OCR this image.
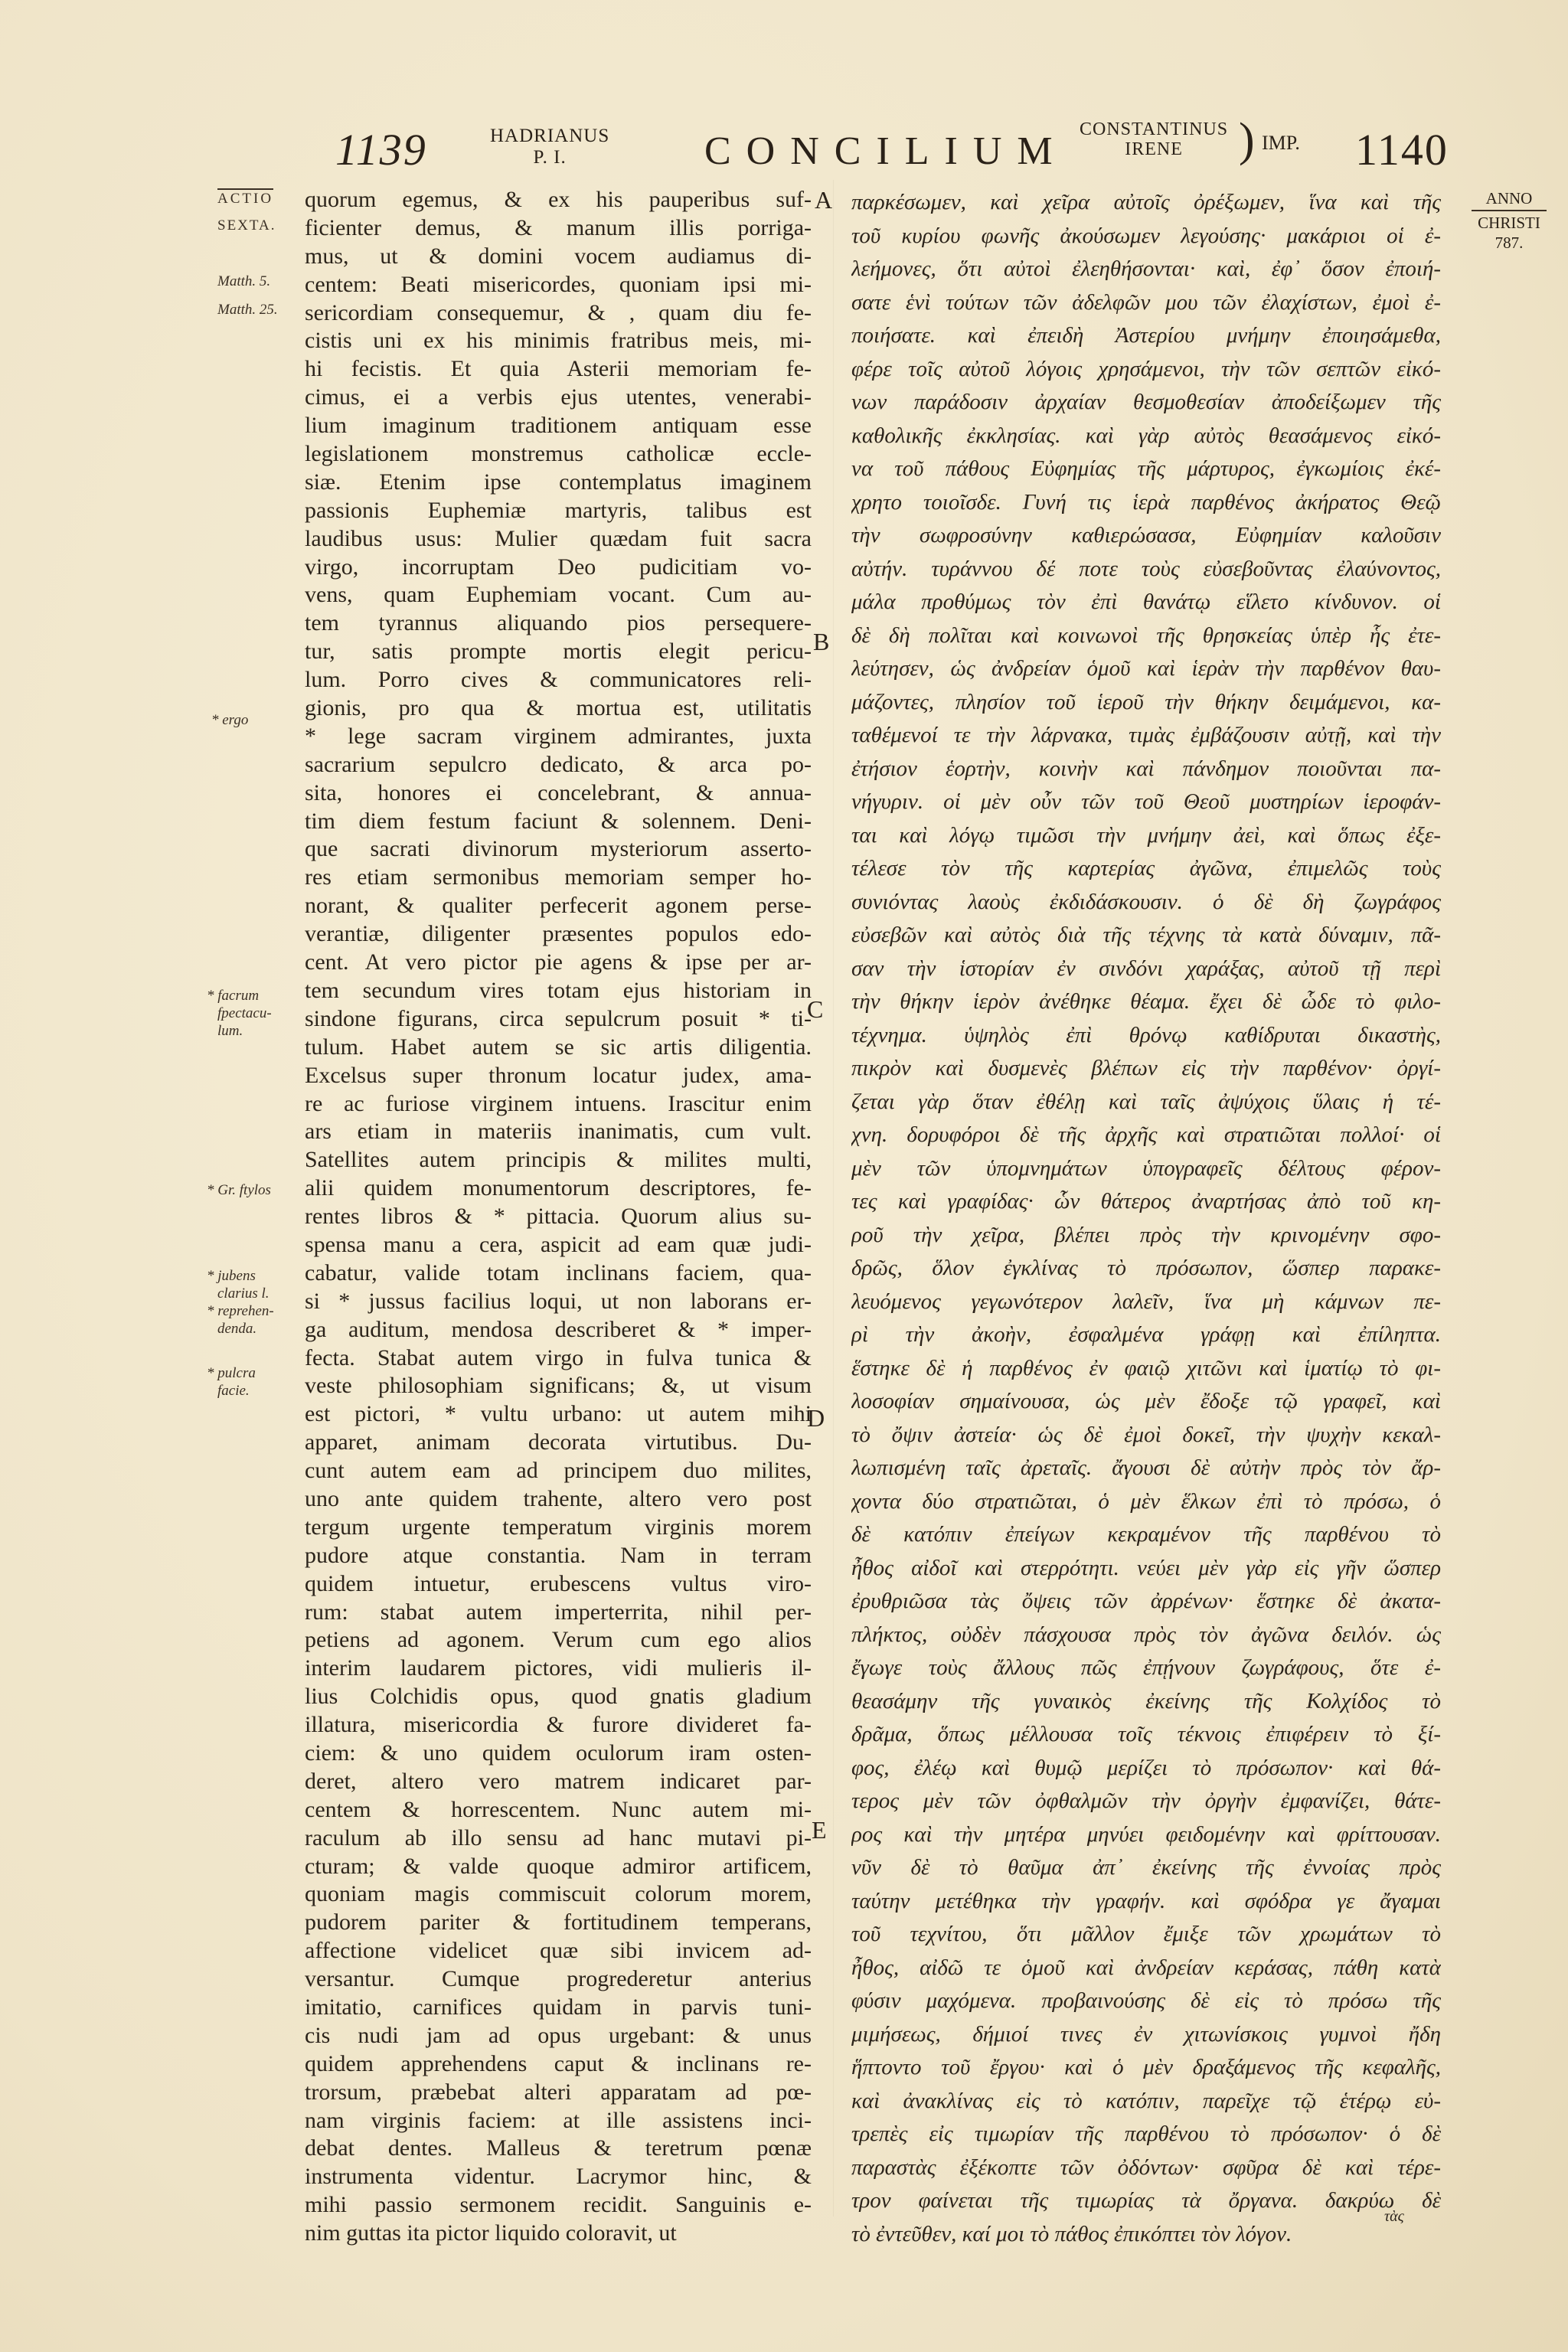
1139	HADRIANUS
P. I.	CONCILIUM CONSTANTINUS
IRENE	) IMP. 1140
ANNO
CHRISTI
787.
ACTIO
SEXTA.
Matth. 5.
Matth. 25.
* ergo
* facrum
fpectacu-
lum.
* Gr. ftylos
* jubens
clarius l.
* reprehen-
denda.
* pulcra
facie.
A
B
C
D
E
quorum egemus, & ex his pauperibus suf-
ficienter demus, & manum illis porriga-
mus, ut & domini vocem audiamus di-
centem: Beati misericordes, quoniam ipsi mi-
sericordiam consequemur, & , quam diu fe-
cistis uni ex his minimis fratribus meis, mi-
hi fecistis. Et quia Asterii memoriam fe-
cimus, ei a verbis ejus utentes, venerabi-
lium imaginum traditionem antiquam esse
legislationem monstremus catholicæ eccle-
siæ. Etenim ipse contemplatus imaginem
passionis Euphemiæ martyris, talibus est
laudibus usus: Mulier quædam fuit sacra
virgo, incorruptam Deo pudicitiam vo-
vens, quam Euphemiam vocant. Cum au-
tem tyrannus aliquando pios persequere-
tur, satis prompte mortis elegit pericu-
lum. Porro cives & communicatores reli-
gionis, pro qua & mortua est, utilitatis
* lege sacram virginem admirantes, juxta
sacrarium sepulcro dedicato, & arca po-
sita, honores ei concelebrant, & annua-
tim diem festum faciunt & solennem. Deni-
que sacrati divinorum mysteriorum asserto-
res etiam sermonibus memoriam semper ho-
norant, & qualiter perfecerit agonem perse-
verantiæ, diligenter præsentes populos edo-
cent. At vero pictor pie agens & ipse per ar-
tem secundum vires totam ejus historiam in
sindone figurans, circa sepulcrum posuit * ti-
tulum. Habet autem se sic artis diligentia.
Excelsus super thronum locatur judex, ama-
re ac furiose virginem intuens. Irascitur enim
ars etiam in materiis inanimatis, cum vult.
Satellites autem principis & milites multi,
alii quidem monumentorum descriptores, fe-
rentes libros & * pittacia. Quorum alius su-
spensa manu a cera, aspicit ad eam quæ judi-
cabatur, valide totam inclinans faciem, qua-
si * jussus facilius loqui, ut non laborans er-
ga auditum, mendosa describeret & * imper-
fecta. Stabat autem virgo in fulva tunica &
veste philosophiam significans; &, ut visum
est pictori, * vultu urbano: ut autem mihi
apparet, animam decorata virtutibus. Du-
cunt autem eam ad principem duo milites,
uno ante quidem trahente, altero vero post
tergum urgente temperatum virginis morem
pudore atque constantia. Nam in terram
quidem intuetur, erubescens vultus viro-
rum: stabat autem imperterrita, nihil per-
petiens ad agonem. Verum cum ego alios
interim laudarem pictores, vidi mulieris il-
lius Colchidis opus, quod gnatis gladium
illatura, misericordia & furore divideret fa-
ciem: & uno quidem oculorum iram osten-
deret, altero vero matrem indicaret par-
centem & horrescentem. Nunc autem mi-
raculum ab illo sensu ad hanc mutavi pi-
cturam; & valde quoque admiror artificem,
quoniam magis commiscuit colorum morem,
pudorem pariter & fortitudinem temperans,
affectione videlicet quæ sibi invicem ad-
versantur. Cumque progrederetur anterius
imitatio, carnifices quidam in parvis tuni-
cis nudi jam ad opus urgebant: & unus
quidem apprehendens caput & inclinans re-
trorsum, præbebat alteri apparatam ad pœ-
nam virginis faciem: at ille assistens inci-
debat dentes. Malleus & teretrum pœnæ
instrumenta videntur. Lacrymor hinc, &
mihi passio sermonem recidit. Sanguinis e-
nim guttas ita pictor liquido coloravit, ut
παρκέσωμεν, καὶ χεῖρα αὐτοῖς ὀρέξωμεν, ἵνα καὶ τῆς
τοῦ κυρίου φωνῆς ἀκούσωμεν λεγούσης· μακάριοι οἱ ἐ-
λεήμονες, ὅτι αὐτοὶ ἐλεηθήσονται· καὶ, ἐφ᾽ ὅσον ἐποιή-
σατε ἑνὶ τούτων τῶν ἀδελφῶν μου τῶν ἐλαχίστων, ἐμοὶ ἐ-
ποιήσατε. καὶ ἐπειδὴ Ἀστερίου μνήμην ἐποιησάμεθα,
φέρε τοῖς αὐτοῦ λόγοις χρησάμενοι, τὴν τῶν σεπτῶν εἰκό-
νων παράδοσιν ἀρχαίαν θεσμοθεσίαν ἀποδείξωμεν τῆς
καθολικῆς ἐκκλησίας. καὶ γὰρ αὐτὸς θεασάμενος εἰκό-
να τοῦ πάθους Εὐφημίας τῆς μάρτυρος, ἐγκωμίοις ἐκέ-
χρητο τοιοῖσδε. Γυνή τις ἱερὰ παρθένος ἀκήρατος Θεῷ
τὴν σωφροσύνην καθιερώσασα, Εὐφημίαν καλοῦσιν
αὐτήν. τυράννου δέ ποτε τοὺς εὐσεβοῦντας ἐλαύνοντος,
μάλα προθύμως τὸν ἐπὶ θανάτῳ εἵλετο κίνδυνον. οἱ
δὲ δὴ πολῖται καὶ κοινωνοὶ τῆς θρησκείας ὑπὲρ ἧς ἐτε-
λεύτησεν, ὡς ἀνδρείαν ὁμοῦ καὶ ἱερὰν τὴν παρθένον θαυ-
μάζοντες, πλησίον τοῦ ἱεροῦ τὴν θήκην δειμάμενοι, κα-
ταθέμενοί τε τὴν λάρνακα, τιμὰς ἐμβάζουσιν αὐτῇ, καὶ τὴν
ἐτήσιον ἑορτὴν, κοινὴν καὶ πάνδημον ποιοῦνται πα-
νήγυριν. οἱ μὲν οὖν τῶν τοῦ Θεοῦ μυστηρίων ἱεροφάν-
ται καὶ λόγῳ τιμῶσι τὴν μνήμην ἀεὶ, καὶ ὅπως ἐξε-
τέλεσε τὸν τῆς καρτερίας ἀγῶνα, ἐπιμελῶς τοὺς
συνιόντας λαοὺς ἐκδιδάσκουσιν. ὁ δὲ δὴ ζωγράφος
εὐσεβῶν καὶ αὐτὸς διὰ τῆς τέχνης τὰ κατὰ δύναμιν, πᾶ-
σαν τὴν ἱστορίαν ἐν σινδόνι χαράξας, αὐτοῦ τῇ περὶ
τὴν θήκην ἱερὸν ἀνέθηκε θέαμα. ἔχει δὲ ὧδε τὸ φιλο-
τέχνημα. ὑψηλὸς ἐπὶ θρόνῳ καθίδρυται δικαστὴς,
πικρὸν καὶ δυσμενὲς βλέπων εἰς τὴν παρθένον· ὀργί-
ζεται γὰρ ὅταν ἐθέλῃ καὶ ταῖς ἀψύχοις ὕλαις ἡ τέ-
χνη. δορυφόροι δὲ τῆς ἀρχῆς καὶ στρατιῶται πολλοί· οἱ
μὲν τῶν ὑπομνημάτων ὑπογραφεῖς δέλτους φέρον-
τες καὶ γραφίδας· ὧν θάτερος ἀναρτήσας ἀπὸ τοῦ κη-
ροῦ τὴν χεῖρα, βλέπει πρὸς τὴν κρινομένην σφο-
δρῶς, ὅλον ἐγκλίνας τὸ πρόσωπον, ὥσπερ παρακε-
λευόμενος γεγωνότερον λαλεῖν, ἵνα μὴ κάμνων πε-
ρὶ τὴν ἀκοὴν, ἐσφαλμένα γράφῃ καὶ ἐπίληπτα.
ἕστηκε δὲ ἡ παρθένος ἐν φαιῷ χιτῶνι καὶ ἱματίῳ τὸ φι-
λοσοφίαν σημαίνουσα, ὡς μὲν ἔδοξε τῷ γραφεῖ, καὶ
τὸ ὄψιν ἀστεία· ὡς δὲ ἐμοὶ δοκεῖ, τὴν ψυχὴν κεκαλ-
λωπισμένη ταῖς ἀρεταῖς. ἄγουσι δὲ αὐτὴν πρὸς τὸν ἄρ-
χοντα δύο στρατιῶται, ὁ μὲν ἕλκων ἐπὶ τὸ πρόσω, ὁ
δὲ κατόπιν ἐπείγων κεκραμένον τῆς παρθένου τὸ
ἦθος αἰδοῖ καὶ στερρότητι. νεύει μὲν γὰρ εἰς γῆν ὥσπερ
ἐρυθριῶσα τὰς ὄψεις τῶν ἀρρένων· ἕστηκε δὲ ἀκατα-
πλήκτος, οὐδὲν πάσχουσα πρὸς τὸν ἀγῶνα δειλόν. ὡς
ἔγωγε τοὺς ἄλλους πῶς ἐπῄνουν ζωγράφους, ὅτε ἐ-
θεασάμην τῆς γυναικὸς ἐκείνης τῆς Κολχίδος τὸ
δρᾶμα, ὅπως μέλλουσα τοῖς τέκνοις ἐπιφέρειν τὸ ξί-
φος, ἐλέῳ καὶ θυμῷ μερίζει τὸ πρόσωπον· καὶ θά-
τερος μὲν τῶν ὀφθαλμῶν τὴν ὀργὴν ἐμφανίζει, θάτε-
ρος καὶ τὴν μητέρα μηνύει φειδομένην καὶ φρίττουσαν.
νῦν δὲ τὸ θαῦμα ἀπ᾽ ἐκείνης τῆς ἐννοίας πρὸς
ταύτην μετέθηκα τὴν γραφήν. καὶ σφόδρα γε ἄγαμαι
τοῦ τεχνίτου, ὅτι μᾶλλον ἔμιξε τῶν χρωμάτων τὸ
ἦθος, αἰδῶ τε ὁμοῦ καὶ ἀνδρείαν κεράσας, πάθη κατὰ
φύσιν μαχόμενα. προβαινούσης δὲ εἰς τὸ πρόσω τῆς
μιμήσεως, δήμιοί τινες ἐν χιτωνίσκοις γυμνοὶ ἤδη
ἥπτοντο τοῦ ἔργου· καὶ ὁ μὲν δραξάμενος τῆς κεφαλῆς,
καὶ ἀνακλίνας εἰς τὸ κατόπιν, παρεῖχε τῷ ἑτέρῳ εὐ-
τρεπὲς εἰς τιμωρίαν τῆς παρθένου τὸ πρόσωπον· ὁ δὲ
παραστὰς ἐξέκοπτε τῶν ὀδόντων· σφῦρα δὲ καὶ τέρε-
τρον φαίνεται τῆς τιμωρίας τὰ ὄργανα. δακρύω δὲ
τὸ ἐντεῦθεν, καί μοι τὸ πάθος ἐπικόπτει τὸν λόγον.
τὰς
